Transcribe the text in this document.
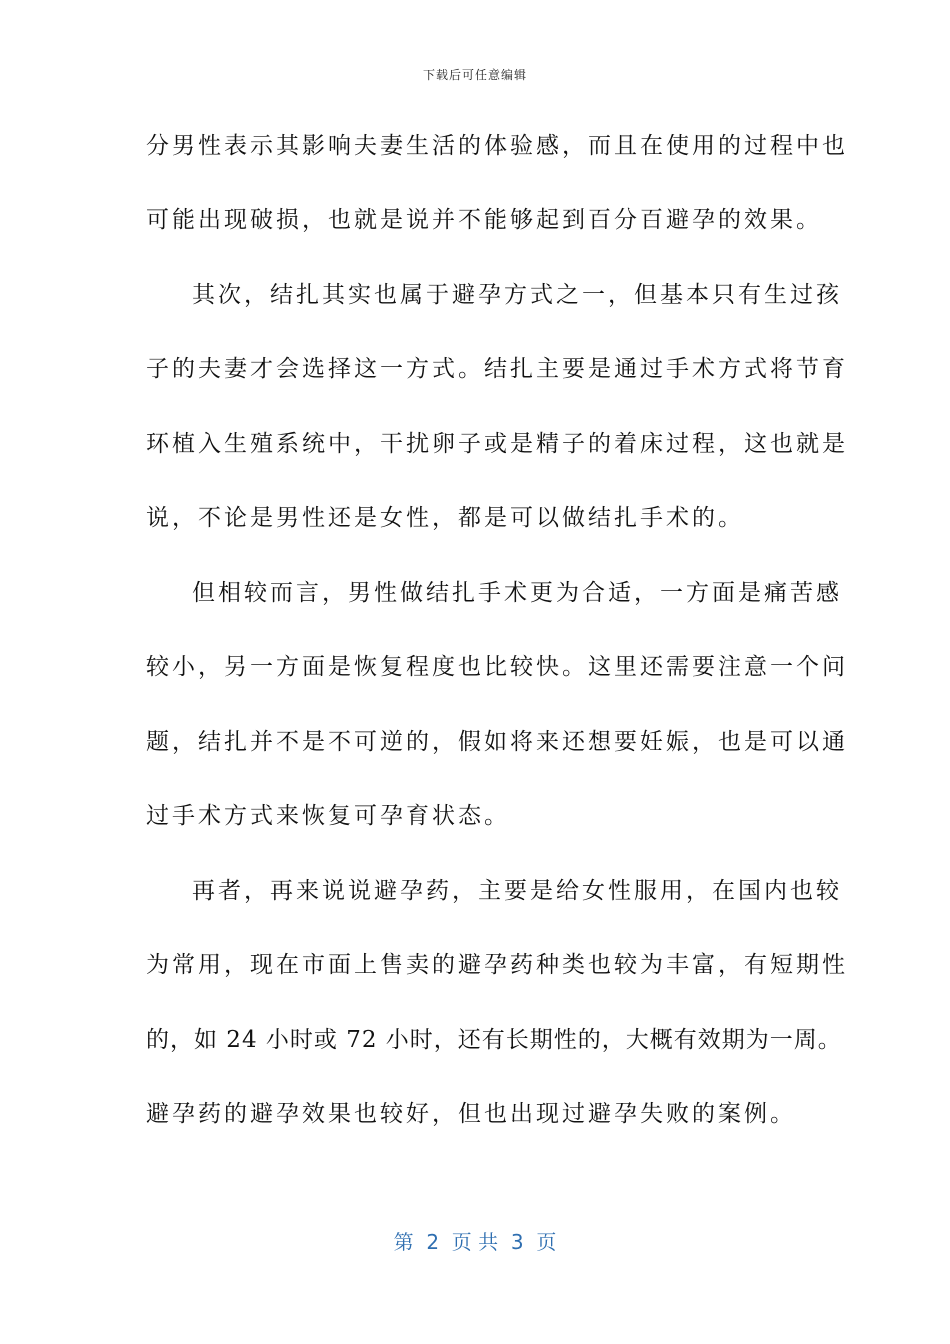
下载后可任意编辑
分男性表示其影响夫妻生活的体验感，而且在使用的过程中也
可能出现破损，也就是说并不能够起到百分百避孕的效果。
其次，结扎其实也属于避孕方式之一，但基本只有生过孩
子的夫妻才会选择这一方式。结扎主要是通过手术方式将节育
环植入生殖系统中，干扰卵子或是精子的着床过程，这也就是
说，不论是男性还是女性，都是可以做结扎手术的。
但相较而言，男性做结扎手术更为合适，一方面是痛苦感
较小，另一方面是恢复程度也比较快。这里还需要注意一个问
题，结扎并不是不可逆的，假如将来还想要妊娠，也是可以通
过手术方式来恢复可孕育状态。
再者，再来说说避孕药，主要是给女性服用，在国内也较
为常用，现在市面上售卖的避孕药种类也较为丰富，有短期性
的，如 24 小时或 72 小时，还有长期性的，大概有效期为一周。
避孕药的避孕效果也较好，但也出现过避孕失败的案例。
第  2  页 共  3  页
